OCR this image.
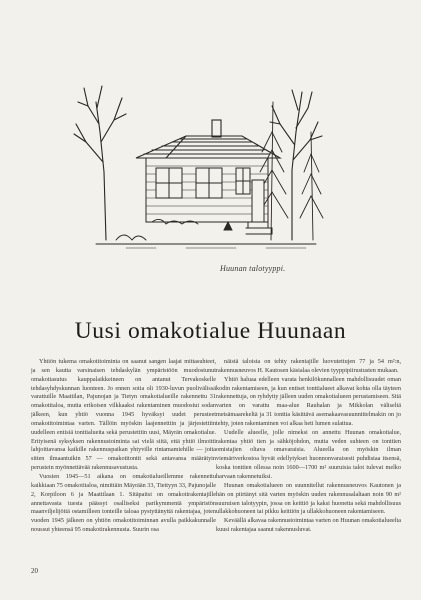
Huunan talotyyppi.
Uusi omakotialue Huunaan

Yhtiön tukema omakotitoiminta on saanut sangen laajat mittasuhteet, ja sen kautta varsinaisen tehdaskylän ympäristöön muodostunut omakotiasutus kauppalaikkeineen on antanut Tervakoskelle tehdasyhdyskunnan luonteen. Jo ennen sotia oli 1930-luvun puolivälissä varattuille Maattilan, Pajunojan ja Tietyn omakotialueille rakennettu 31 omakotitaloa, mutta erikoisen vilkkaaksi rakentaminen muodostui sodan jälkeen, kun yhtiö vuonna 1945 hyväksyi uudet perusteet omakotitoimintaa varten. Tällöin myöskin laajennettiin ja järjestettiin uudelleen entisiä tonttialueita sekä perustettiin uusi, Mäyrän omakotialue. Erityisenä syksyksen rakennustoiminta sai vielä siitä, että yhtiö ilmoitti lahjoittavansa kaikille rakennuspaikan yhtyville rintamamiehille — joita sitten ilmaantuikin 57 — omakotitontit sekä antavansa määrätyin perustein myönnettävää rakennusavustusta.

Vuosien 1945—51 aikana on omakotialueillemme rakennettu kaikkiaan 75 omakotitaloa, nimittäin Mäyrään 33, Tiettyyn 33, Pajunojalle 2, Korpiloon 6 ja Maattilaan 1. Sitäpaitsi on omakotirakentajille annettavasta tuesta päässyt osalliseksi parikymmentä ympäristön maanviljelijöitä ostamilleen tonteille taloaa pystyttänyttä rakentajaa, joten vuoden 1945 jälkeen on yhtiön omakotitoiminnan avulla paikkakunnalle noussut yhteensä 95 omakotirakennusta. Suurin osa

näistä taloista on tehty rakentajille luovutettujen 77 ja 54 m²:n, rakennusneuvos H. Kautosen käsialaa olevien tyyppipiirustusten mukaan.

Yhtiö haluaa edelleen varata henkilökunnalleen mahdollisuudet oman kodin rakentamiseen, ja kun entiset tonttialueet alkavat kohta olla täyteen rakennettuja, on ryhdytty jälleen uuden omakotialueen perustamiseen. Sitä varten on varattu maa-alue Rauhalan ja Mikkolan väliseltä metsämaarekeltä ja 31 tonttia käsittävä asemakaavasuunnittelmakin on jo tehty, joten rakentaminen voi alkaa heti lumen sulattua.

Uudelle alueelle, jolle nimeksi on annettu Huunan omakotialue, rakentaa yhtiö tien ja sähköjohdon, mutta veden suhteen on tonttien omistajien oltava omavaraisia. Alueella on myöskin ilman viemäriverkostoa hyvät edellytykset huonnonvaraisesti puhdistaa itsensä, koska tonttien ollessa noin 1600—1700 m² suuruisia talot tulevat melko harvaan rakennetuiksi.

Huunan omakotialueen on suunnitellut rakennusneuvos Kautonen ja hän on piirtänyt sitä varten myöskin uuden rakennusalaltaan noin 90 m² suuruisen talotyypin, jossa on keittiö ja kaksi huonetta sekä mahdollisuus ullakkohuoneen tai pikku keittiön ja ullakkohuoneen rakentamiseen.

Keväällä alkavaa rakennustoimintaa varten on Huunan omakotialueelta kuusi rakentajaa saanut rakennusluvat.

20
